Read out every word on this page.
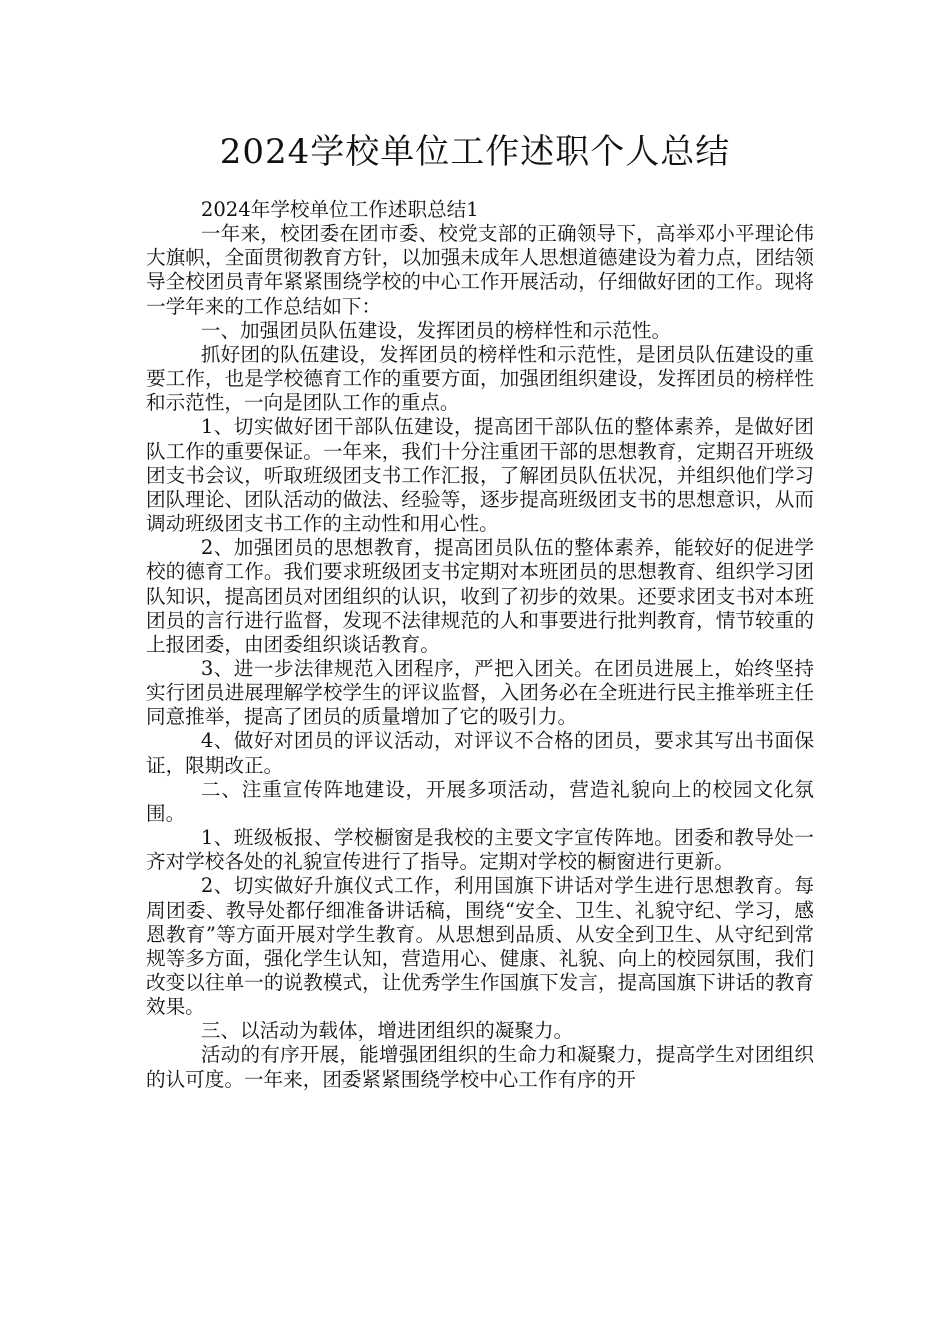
2024学校单位工作述职个人总结

2024年学校单位工作述职总结1

一年来，校团委在团市委、校党支部的正确领导下，高举邓小平理论伟大旗帜，全面贯彻教育方针，以加强未成年人思想道德建设为着力点，团结领导全校团员青年紧紧围绕学校的中心工作开展活动，仔细做好团的工作。现将一学年来的工作总结如下：

一、加强团员队伍建设，发挥团员的榜样性和示范性。

抓好团的队伍建设，发挥团员的榜样性和示范性，是团员队伍建设的重要工作，也是学校德育工作的重要方面，加强团组织建设，发挥团员的榜样性和示范性，一向是团队工作的重点。

1、切实做好团干部队伍建设，提高团干部队伍的整体素养，是做好团队工作的重要保证。一年来，我们十分注重团干部的思想教育，定期召开班级团支书会议，听取班级团支书工作汇报，了解团员队伍状况，并组织他们学习团队理论、团队活动的做法、经验等，逐步提高班级团支书的思想意识，从而调动班级团支书工作的主动性和用心性。

2、加强团员的思想教育，提高团员队伍的整体素养，能较好的促进学校的德育工作。我们要求班级团支书定期对本班团员的思想教育、组织学习团队知识，提高团员对团组织的认识，收到了初步的效果。还要求团支书对本班团员的言行进行监督，发现不法律规范的人和事要进行批判教育，情节较重的上报团委，由团委组织谈话教育。

3、进一步法律规范入团程序，严把入团关。在团员进展上，始终坚持实行团员进展理解学校学生的评议监督，入团务必在全班进行民主推举班主任同意推举，提高了团员的质量增加了它的吸引力。

4、做好对团员的评议活动，对评议不合格的团员，要求其写出书面保证，限期改正。

二、注重宣传阵地建设，开展多项活动，营造礼貌向上的校园文化氛围。

1、班级板报、学校橱窗是我校的主要文字宣传阵地。团委和教导处一齐对学校各处的礼貌宣传进行了指导。定期对学校的橱窗进行更新。

2、切实做好升旗仪式工作，利用国旗下讲话对学生进行思想教育。每周团委、教导处都仔细准备讲话稿，围绕“安全、卫生、礼貌守纪、学习，感恩教育”等方面开展对学生教育。从思想到品质、从安全到卫生、从守纪到常规等多方面，强化学生认知，营造用心、健康、礼貌、向上的校园氛围，我们改变以往单一的说教模式，让优秀学生作国旗下发言，提高国旗下讲话的教育效果。

三、以活动为载体，增进团组织的凝聚力。

活动的有序开展，能增强团组织的生命力和凝聚力，提高学生对团组织的认可度。一年来，团委紧紧围绕学校中心工作有序的开
